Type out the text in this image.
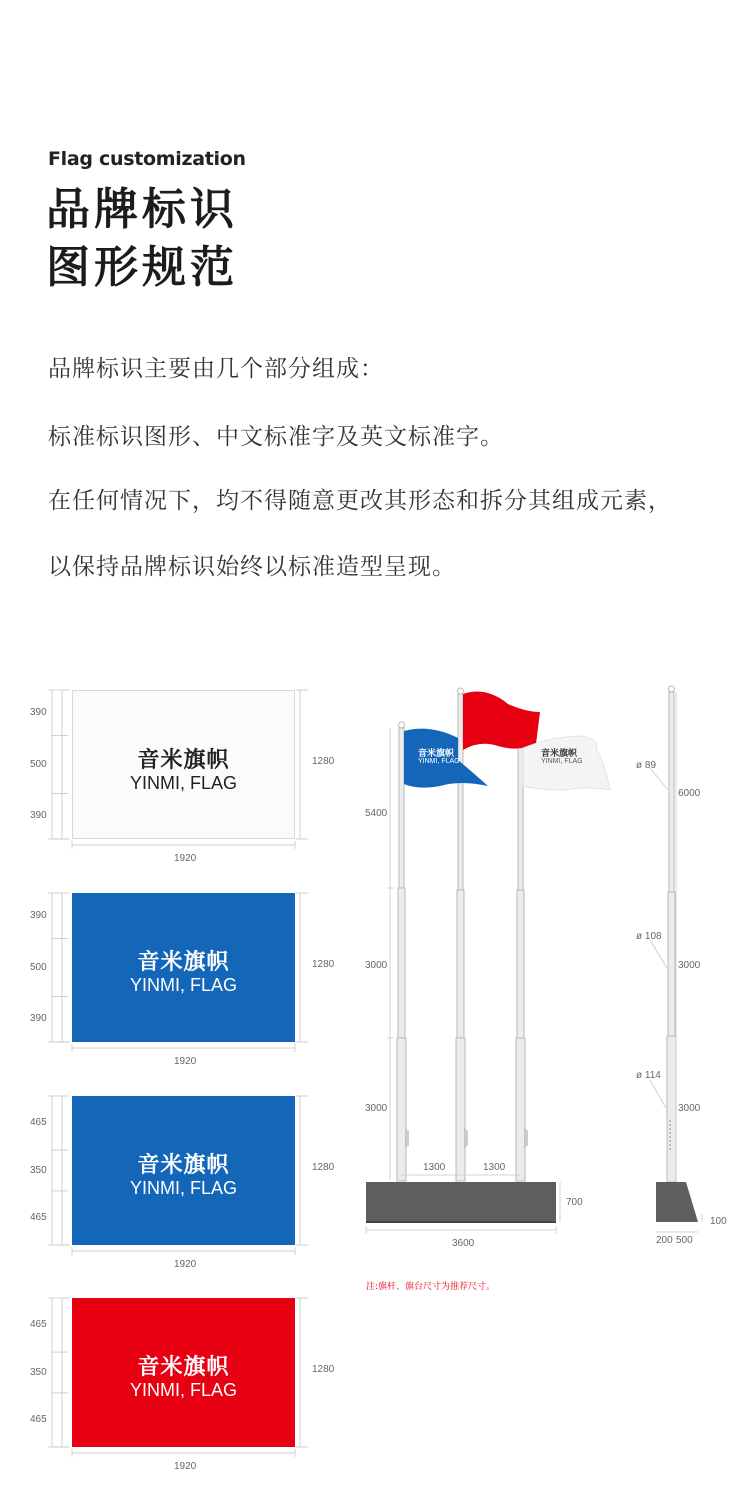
Flag customization
品牌标识
图形规范
品牌标识主要由几个部分组成：
标准标识图形、中文标准字及英文标准字。
在任何情况下，均不得随意更改其形态和拆分其组成元素，
以保持品牌标识始终以标准造型呈现。
音米旗帜
YINMI, FLAG
390
500
390
1280
1920
音米旗帜
YINMI, FLAG
390
500
390
1280
1920
音米旗帜
YINMI, FLAG
465
350
465
1280
1920
音米旗帜
YINMI, FLAG
465
350
465
1280
1920
5400
3000
3000
1300	1300
3600
700
音米旗帜
YINMI, FLAG
音米旗帜
YINMI, FLAG	ø 89
ø 108
ø 114
6000
3000
3000
200 500
100
注:旗杆、旗台尺寸为推荐尺寸。
